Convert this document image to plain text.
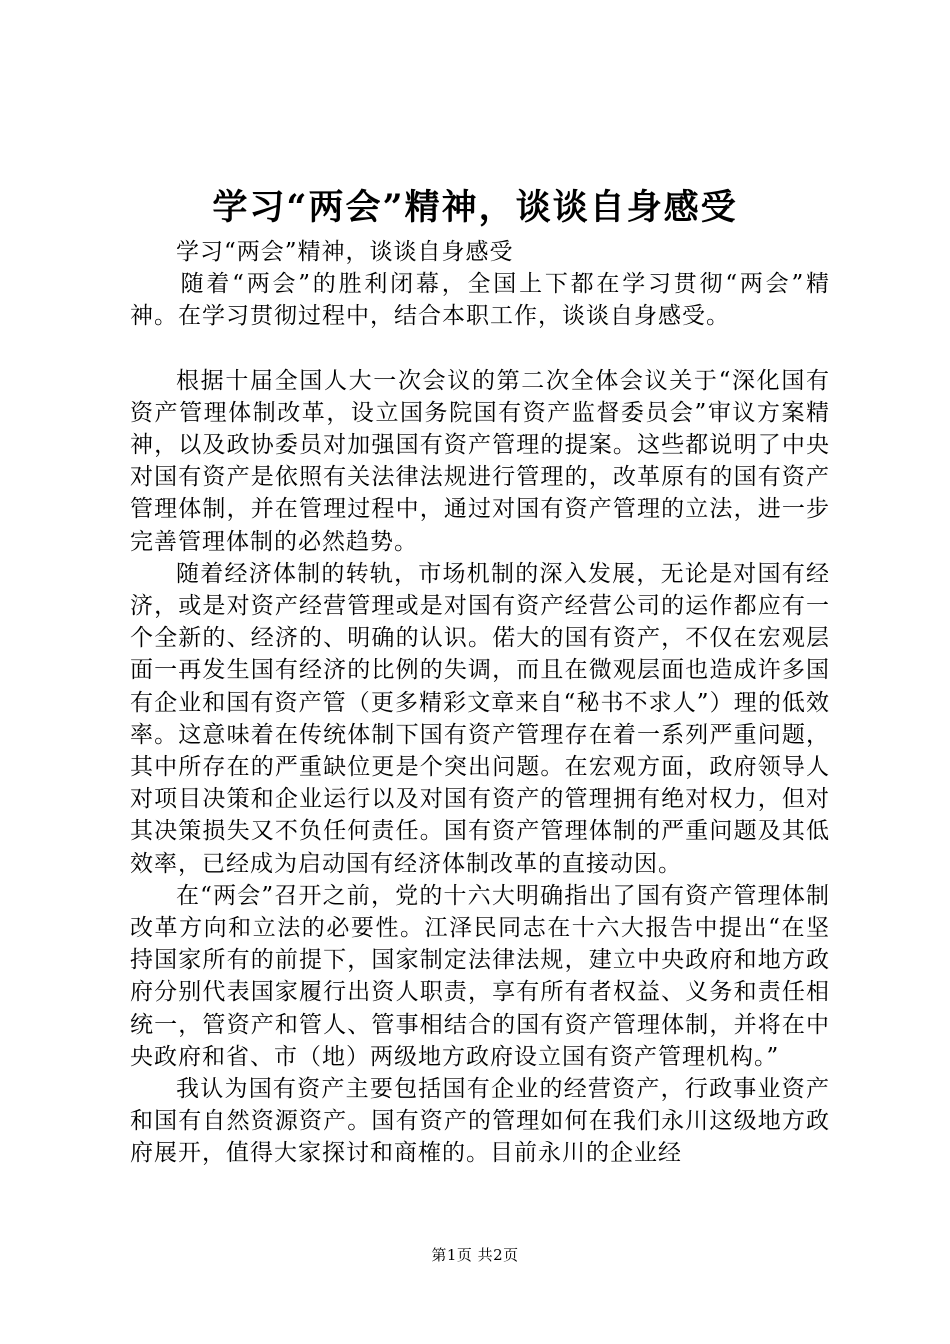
学习“两会”精神，谈谈自身感受

学习“两会”精神，谈谈自身感受

随着“两会”的胜利闭幕，全国上下都在学习贯彻“两会”精神。在学习贯彻过程中，结合本职工作，谈谈自身感受。

根据十届全国人大一次会议的第二次全体会议关于“深化国有资产管理体制改革，设立国务院国有资产监督委员会”审议方案精神，以及政协委员对加强国有资产管理的提案。这些都说明了中央对国有资产是依照有关法律法规进行管理的，改革原有的国有资产管理体制，并在管理过程中，通过对国有资产管理的立法，进一步完善管理体制的必然趋势。

随着经济体制的转轨，市场机制的深入发展，无论是对国有经济，或是对资产经营管理或是对国有资产经营公司的运作都应有一个全新的、经济的、明确的认识。偌大的国有资产，不仅在宏观层面一再发生国有经济的比例的失调，而且在微观层面也造成许多国有企业和国有资产管（更多精彩文章来自“秘书不求人”）理的低效率。这意味着在传统体制下国有资产管理存在着一系列严重问题，其中所存在的严重缺位更是个突出问题。在宏观方面，政府领导人对项目决策和企业运行以及对国有资产的管理拥有绝对权力，但对其决策损失又不负任何责任。国有资产管理体制的严重问题及其低效率，已经成为启动国有经济体制改革的直接动因。

在“两会”召开之前，党的十六大明确指出了国有资产管理体制改革方向和立法的必要性。江泽民同志在十六大报告中提出“在坚持国家所有的前提下，国家制定法律法规，建立中央政府和地方政府分别代表国家履行出资人职责，享有所有者权益、义务和责任相统一，管资产和管人、管事相结合的国有资产管理体制，并将在中央政府和省、市（地）两级地方政府设立国有资产管理机构。”

我认为国有资产主要包括国有企业的经营资产，行政事业资产和国有自然资源资产。国有资产的管理如何在我们永川这级地方政府展开，值得大家探讨和商榷的。目前永川的企业经

第1页 共2页
